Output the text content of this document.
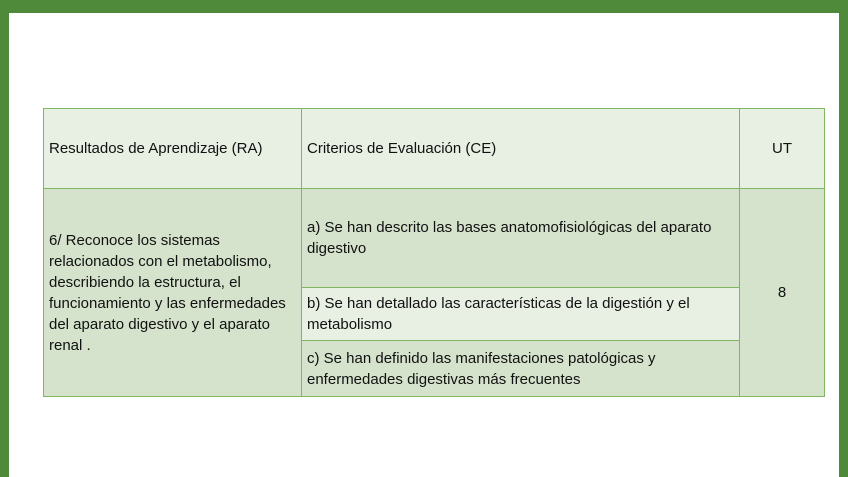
Resultados de Aprendizaje (RA)	Criterios de Evaluación (CE)	UT
6/ Reconoce los sistemas relacionados con el metabolismo, describiendo la estructura, el funcionamiento y las enfermedades del aparato digestivo y el aparato renal .	a) Se han descrito las bases anatomofisiológicas del aparato digestivo	8
	b) Se han detallado las características de la digestión y el metabolismo	
	c) Se han definido las manifestaciones patológicas y enfermedades digestivas más frecuentes	
